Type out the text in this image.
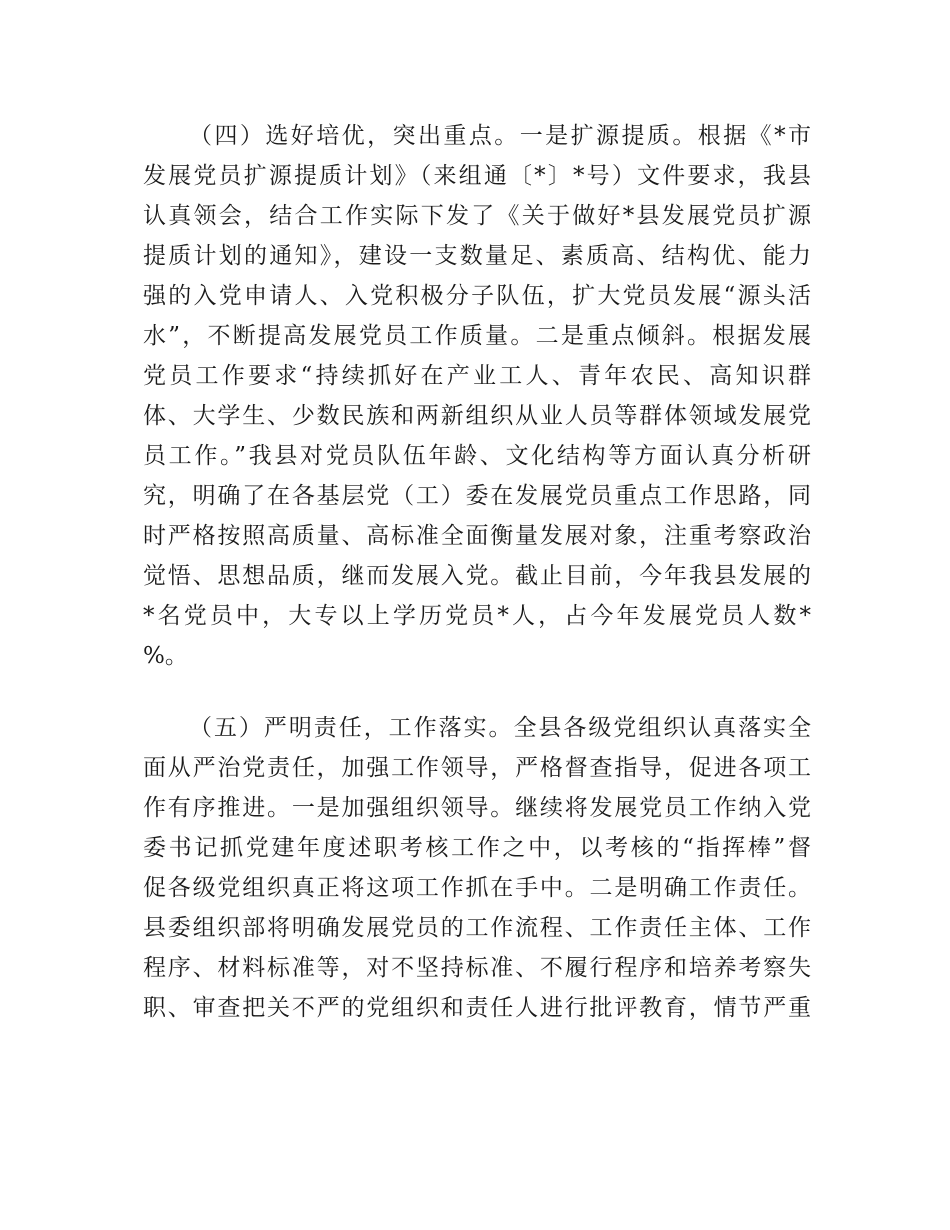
（四）选好培优，突出重点。一是扩源提质。根据《*市
发展党员扩源提质计划》（来组通〔*〕*号）文件要求，我县
认真领会，结合工作实际下发了《关于做好*县发展党员扩源
提质计划的通知》，建设一支数量足、素质高、结构优、能力
强的入党申请人、入党积极分子队伍，扩大党员发展“源头活
水”，不断提高发展党员工作质量。二是重点倾斜。根据发展
党员工作要求“持续抓好在产业工人、青年农民、高知识群
体、大学生、少数民族和两新组织从业人员等群体领域发展党
员工作。”我县对党员队伍年龄、文化结构等方面认真分析研
究，明确了在各基层党（工）委在发展党员重点工作思路，同
时严格按照高质量、高标准全面衡量发展对象，注重考察政治
觉悟、思想品质，继而发展入党。截止目前，今年我县发展的
*名党员中，大专以上学历党员*人，占今年发展党员人数*
%。

（五）严明责任，工作落实。全县各级党组织认真落实全
面从严治党责任，加强工作领导，严格督查指导，促进各项工
作有序推进。一是加强组织领导。继续将发展党员工作纳入党
委书记抓党建年度述职考核工作之中，以考核的“指挥棒”督
促各级党组织真正将这项工作抓在手中。二是明确工作责任。
县委组织部将明确发展党员的工作流程、工作责任主体、工作
程序、材料标准等，对不坚持标准、不履行程序和培养考察失
职、审查把关不严的党组织和责任人进行批评教育，情节严重
